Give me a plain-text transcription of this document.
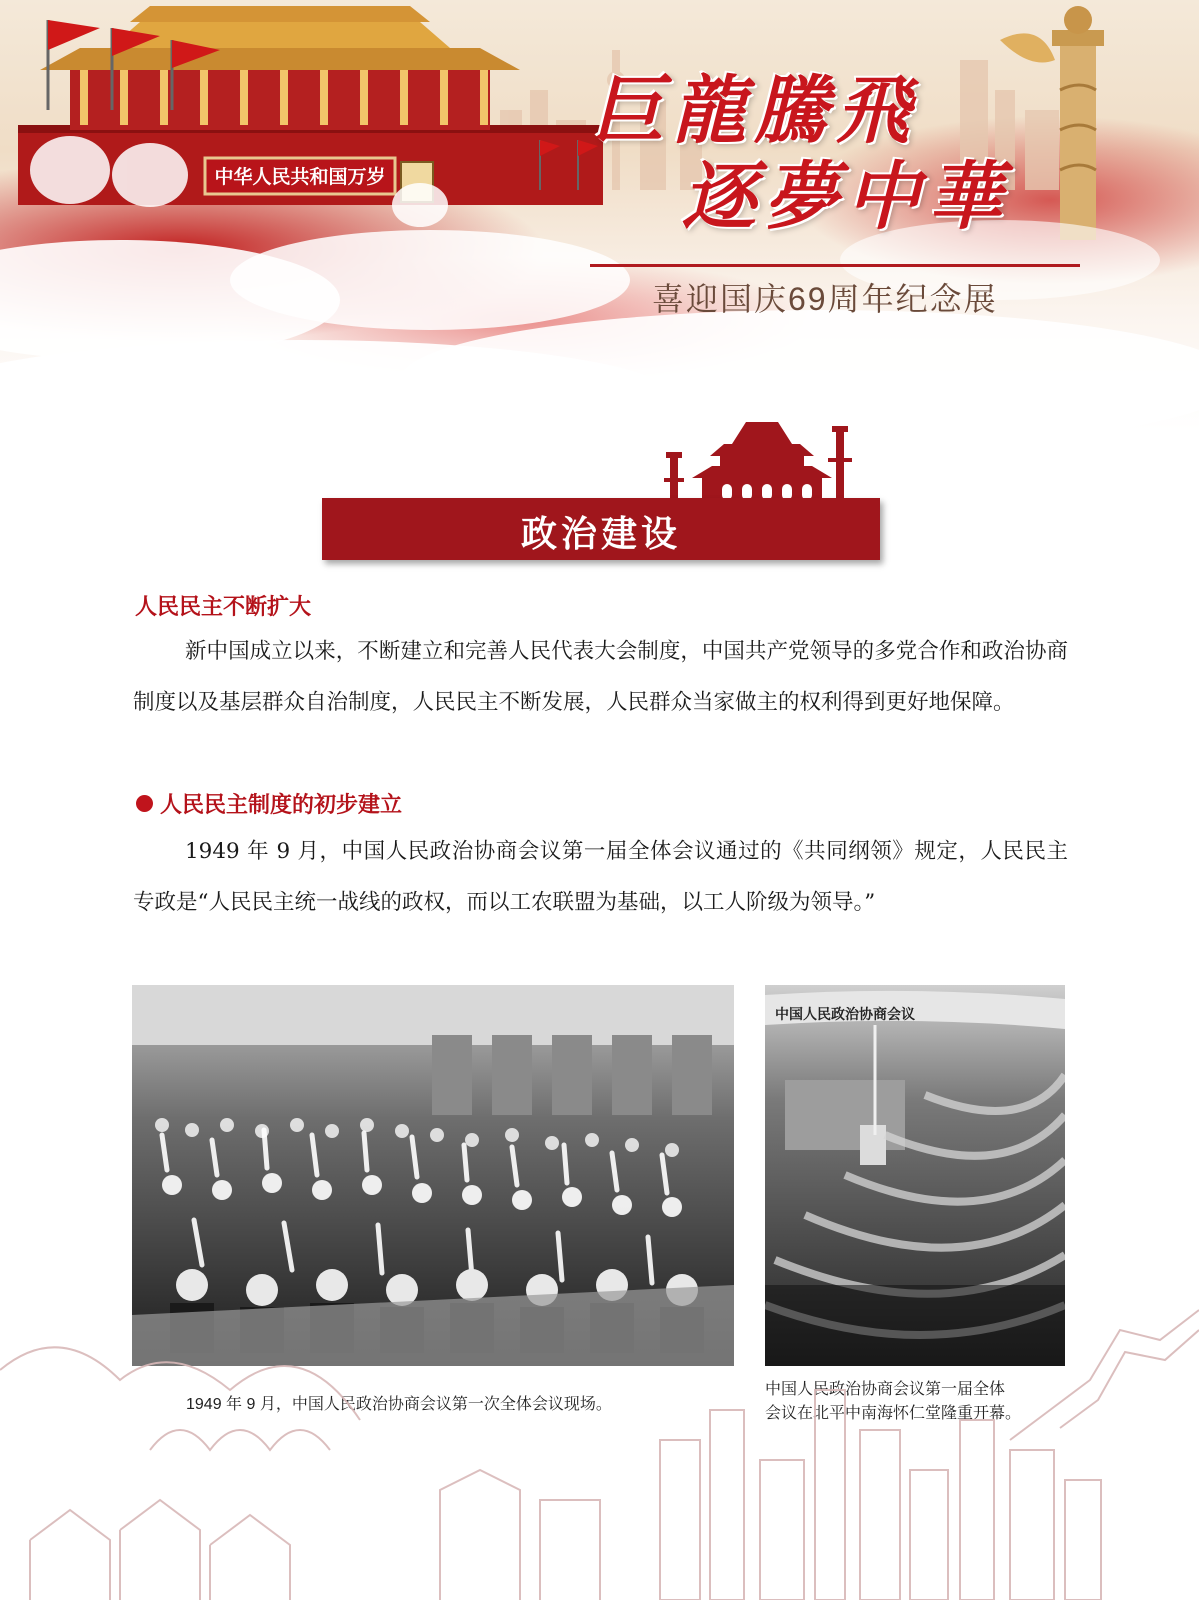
中华人民共和国万岁
巨龍騰飛
逐夢中華
喜迎国庆69周年纪念展
政治建设
人民民主不断扩大

新中国成立以来，不断建立和完善人民代表大会制度，中国共产党领导的多党合作和政治协商制度以及基层群众自治制度，人民民主不断发展，人民群众当家做主的权利得到更好地保障。

人民民主制度的初步建立

1949 年 9 月，中国人民政治协商会议第一届全体会议通过的《共同纲领》规定，人民民主专政是“人民民主统一战线的政权，而以工农联盟为基础，以工人阶级为领导。”

1949 年 9 月，中国人民政治协商会议第一次全体会议现场。
中国人民政治协商会议
中国人民政治协商会议第一届全体
会议在北平中南海怀仁堂隆重开幕。
